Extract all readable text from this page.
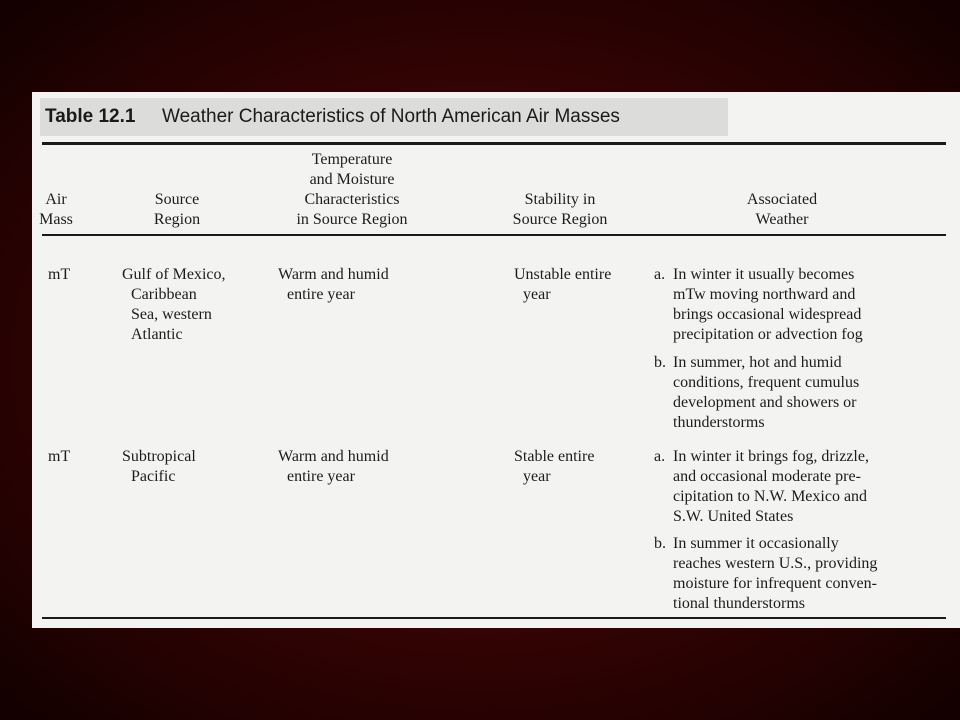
Table 12.1 Weather Characteristics of North American Air Masses
Air
Mass
Source
Region
Temperature
and Moisture
Characteristics
in Source Region
Stability in
Source Region
Associated
Weather
mT	Gulf of Mexico,
Caribbean
Sea, western
Atlantic
Warm and humid
entire year
Unstable entire
year
a. In winter it usually becomes
mTw moving northward and
brings occasional widespread
precipitation or advection fog
b. In summer, hot and humid
conditions, frequent cumulus
development and showers or
thunderstorms
mT	Subtropical
Pacific
Warm and humid
entire year
Stable entire
year
a. In winter it brings fog, drizzle,
and occasional moderate pre-
cipitation to N.W. Mexico and
S.W. United States
b. In summer it occasionally
reaches western U.S., providing
moisture for infrequent conven-
tional thunderstorms
